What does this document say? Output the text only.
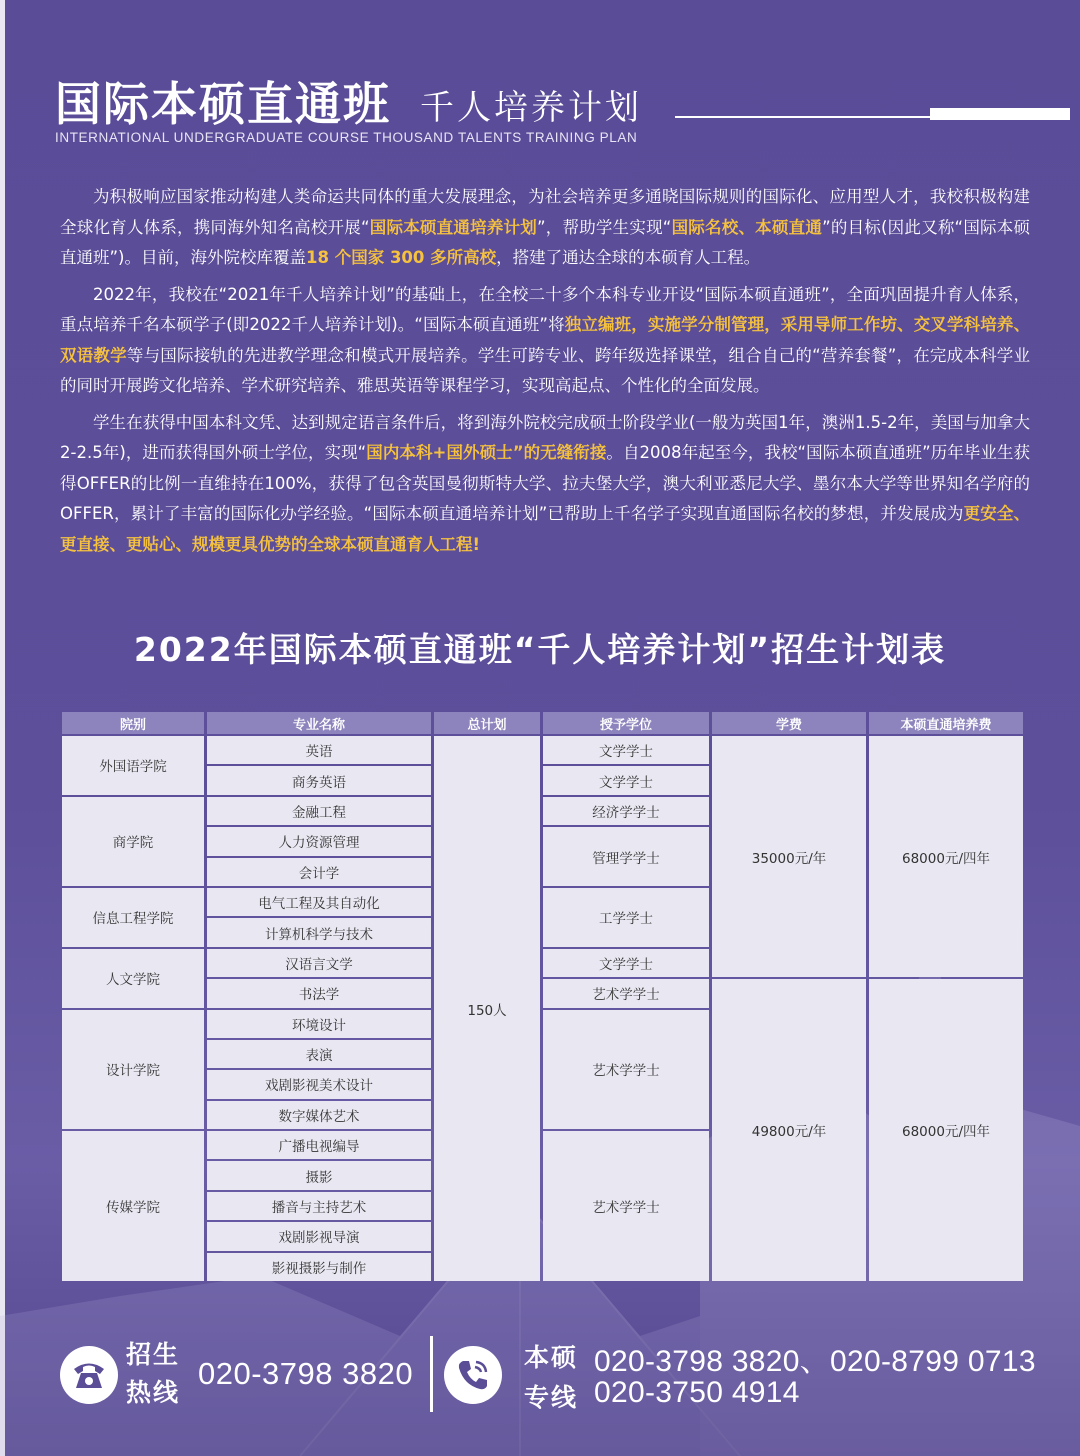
国际本硕直通班 千人培养计划
INTERNATIONAL UNDERGRADUATE COURSE THOUSAND TALENTS TRAINING PLAN

为积极响应国家推动构建人类命运共同体的重大发展理念，为社会培养更多通晓国际规则的国际化、应用型人才，我校积极构建全球化育人体系，携同海外知名高校开展“国际本硕直通培养计划”，帮助学生实现“国际名校、本硕直通”的目标(因此又称“国际本硕直通班”)。目前，海外院校库覆盖18 个国家 300 多所高校，搭建了通达全球的本硕育人工程。

2022年，我校在“2021年千人培养计划”的基础上，在全校二十多个本科专业开设“国际本硕直通班”，全面巩固提升育人体系，重点培养千名本硕学子(即2022千人培养计划)。“国际本硕直通班”将独立编班，实施学分制管理，采用导师工作坊、交叉学科培养、双语教学等与国际接轨的先进教学理念和模式开展培养。学生可跨专业、跨年级选择课堂，组合自己的“营养套餐”，在完成本科学业的同时开展跨文化培养、学术研究培养、雅思英语等课程学习，实现高起点、个性化的全面发展。

学生在获得中国本科文凭、达到规定语言条件后，将到海外院校完成硕士阶段学业(一般为英国1年，澳洲1.5-2年，美国与加拿大2-2.5年)，进而获得国外硕士学位，实现“国内本科+国外硕士”的无缝衔接。自2008年起至今，我校“国际本硕直通班”历年毕业生获得OFFER的比例一直维持在100%，获得了包含英国曼彻斯特大学、拉夫堡大学，澳大利亚悉尼大学、墨尔本大学等世界知名学府的OFFER，累计了丰富的国际化办学经验。“国际本硕直通培养计划”已帮助上千名学子实现直通国际名校的梦想，并发展成为更安全、更直接、更贴心、规模更具优势的全球本硕直通育人工程!

2022年国际本硕直通班“千人培养计划”招生计划表
院别	专业名称	总计划	授予学位	学费	本硕直通培养费
外国语学院	英语	150人	文学学士	35000元/年	68000元/四年
	商务英语		文学学士		
商学院	金融工程		经济学学士		
	人力资源管理		管理学学士		
	会计学				
信息工程学院	电气工程及其自动化		工学学士		
	计算机科学与技术				
人文学院	汉语言文学		文学学士		
	书法学		艺术学学士	49800元/年	68000元/四年
设计学院	环境设计		艺术学学士		
	表演				
	戏剧影视美术设计				
	数字媒体艺术				
传媒学院	广播电视编导		艺术学学士		
	摄影				
	播音与主持艺术				
	戏剧影视导演				
	影视摄影与制作				
招生
热线
020-3798 3820	本硕
专线
020-3798 3820、020-8799 0713
020-3750 4914
